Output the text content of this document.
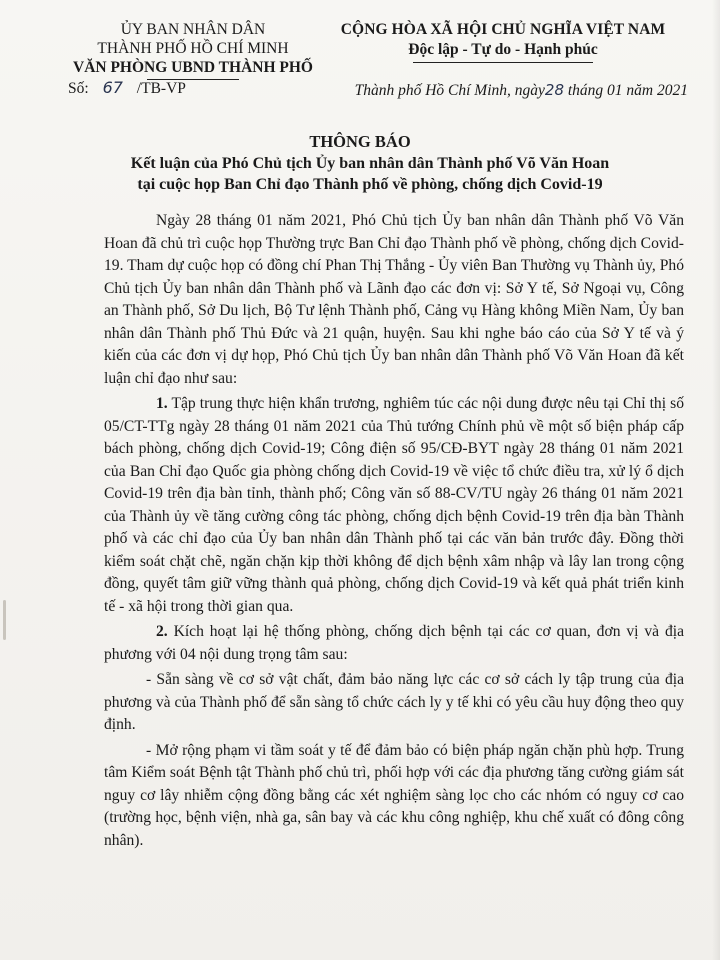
ỦY BAN NHÂN DÂN
THÀNH PHỐ HỒ CHÍ MINH
VĂN PHÒNG UBND THÀNH PHỐ
CỘNG HÒA XÃ HỘI CHỦ NGHĨA VIỆT NAM
Độc lập - Tự do - Hạnh phúc
Số: 67 /TB-VP	Thành phố Hồ Chí Minh, ngày28 tháng 01 năm 2021
THÔNG BÁO
Kết luận của Phó Chủ tịch Ủy ban nhân dân Thành phố Võ Văn Hoan
tại cuộc họp Ban Chỉ đạo Thành phố về phòng, chống dịch Covid-19

Ngày 28 tháng 01 năm 2021, Phó Chủ tịch Ủy ban nhân dân Thành phố Võ Văn Hoan đã chủ trì cuộc họp Thường trực Ban Chỉ đạo Thành phố về phòng, chống dịch Covid-19. Tham dự cuộc họp có đồng chí Phan Thị Thắng - Ủy viên Ban Thường vụ Thành ủy, Phó Chủ tịch Ủy ban nhân dân Thành phố và Lãnh đạo các đơn vị: Sở Y tế, Sở Ngoại vụ, Công an Thành phố, Sở Du lịch, Bộ Tư lệnh Thành phố, Cảng vụ Hàng không Miền Nam, Ủy ban nhân dân Thành phố Thủ Đức và 21 quận, huyện. Sau khi nghe báo cáo của Sở Y tế và ý kiến của các đơn vị dự họp, Phó Chủ tịch Ủy ban nhân dân Thành phố Võ Văn Hoan đã kết luận chỉ đạo như sau:

1. Tập trung thực hiện khẩn trương, nghiêm túc các nội dung được nêu tại Chỉ thị số 05/CT-TTg ngày 28 tháng 01 năm 2021 của Thủ tướng Chính phủ về một số biện pháp cấp bách phòng, chống dịch Covid-19; Công điện số 95/CĐ-BYT ngày 28 tháng 01 năm 2021 của Ban Chỉ đạo Quốc gia phòng chống dịch Covid-19 về việc tổ chức điều tra, xử lý ổ dịch Covid-19 trên địa bàn tỉnh, thành phố; Công văn số 88-CV/TU ngày 26 tháng 01 năm 2021 của Thành ủy về tăng cường công tác phòng, chống dịch bệnh Covid-19 trên địa bàn Thành phố và các chỉ đạo của Ủy ban nhân dân Thành phố tại các văn bản trước đây. Đồng thời kiểm soát chặt chẽ, ngăn chặn kịp thời không để dịch bệnh xâm nhập và lây lan trong cộng đồng, quyết tâm giữ vững thành quả phòng, chống dịch Covid-19 và kết quả phát triển kinh tế - xã hội trong thời gian qua.

2. Kích hoạt lại hệ thống phòng, chống dịch bệnh tại các cơ quan, đơn vị và địa phương với 04 nội dung trọng tâm sau:

- Sẵn sàng về cơ sở vật chất, đảm bảo năng lực các cơ sở cách ly tập trung của địa phương và của Thành phố để sẵn sàng tổ chức cách ly y tế khi có yêu cầu huy động theo quy định.

- Mở rộng phạm vi tầm soát y tế để đảm bảo có biện pháp ngăn chặn phù hợp. Trung tâm Kiểm soát Bệnh tật Thành phố chủ trì, phối hợp với các địa phương tăng cường giám sát nguy cơ lây nhiễm cộng đồng bằng các xét nghiệm sàng lọc cho các nhóm có nguy cơ cao (trường học, bệnh viện, nhà ga, sân bay và các khu công nghiệp, khu chế xuất có đông công nhân).
